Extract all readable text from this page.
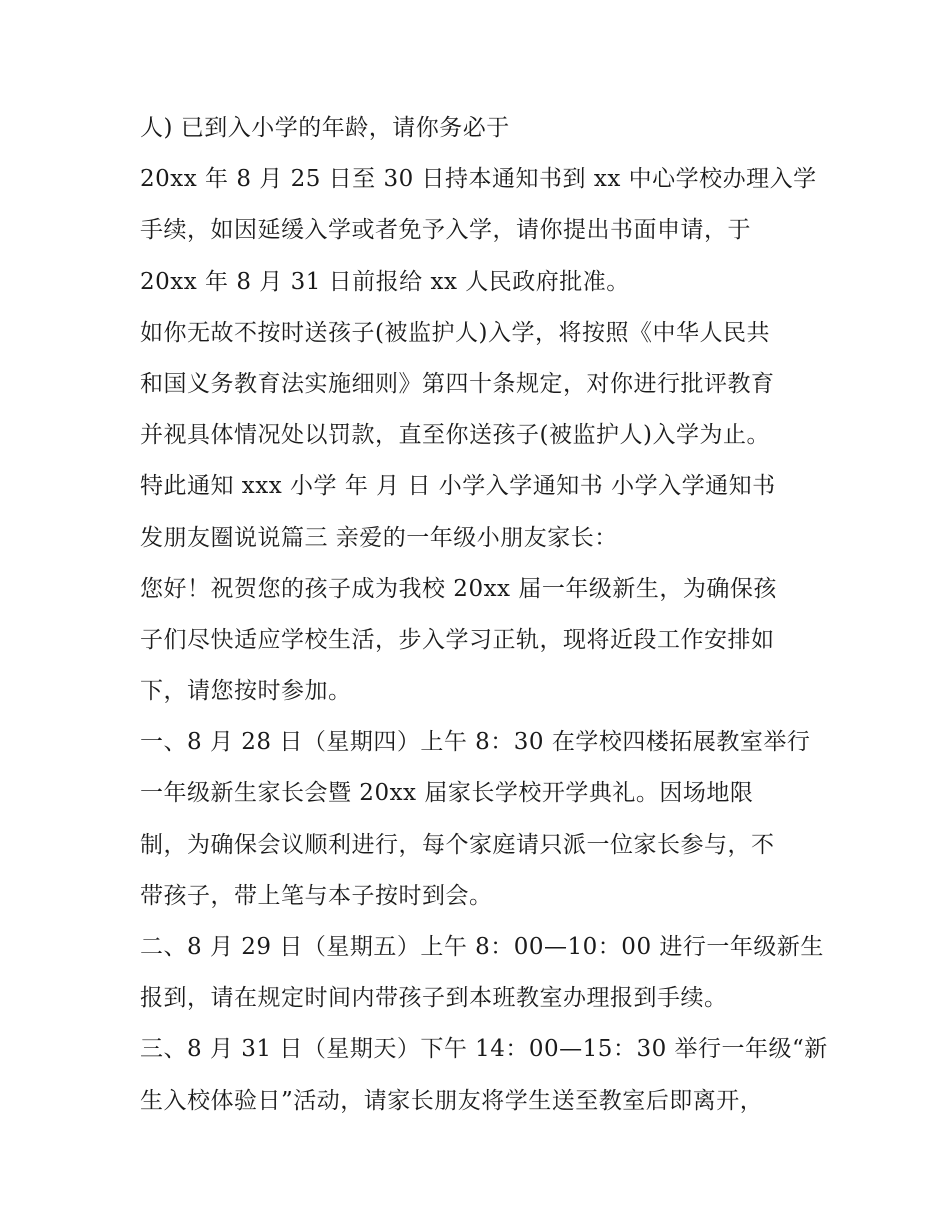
人) 已到入小学的年龄，请你务必于
20xx 年 8 月 25 日至 30 日持本通知书到 xx 中心学校办理入学
手续，如因延缓入学或者免予入学，请你提出书面申请，于
20xx 年 8 月 31 日前报给 xx 人民政府批准。
如你无故不按时送孩子(被监护人)入学，将按照《中华人民共
和国义务教育法实施细则》第四十条规定，对你进行批评教育
并视具体情况处以罚款，直至你送孩子(被监护人)入学为止。
特此通知 xxx 小学 年 月 日 小学入学通知书 小学入学通知书
发朋友圈说说篇三 亲爱的一年级小朋友家长：
您好！祝贺您的孩子成为我校 20xx 届一年级新生，为确保孩
子们尽快适应学校生活，步入学习正轨，现将近段工作安排如
下，请您按时参加。
一、8 月 28 日（星期四）上午 8：30 在学校四楼拓展教室举行
一年级新生家长会暨 20xx 届家长学校开学典礼。因场地限
制，为确保会议顺利进行，每个家庭请只派一位家长参与，不
带孩子，带上笔与本子按时到会。
二、8 月 29 日（星期五）上午 8：00—10：00 进行一年级新生
报到，请在规定时间内带孩子到本班教室办理报到手续。
三、8 月 31 日（星期天）下午 14：00—15：30 举行一年级“新
生入校体验日”活动，请家长朋友将学生送至教室后即离开，
